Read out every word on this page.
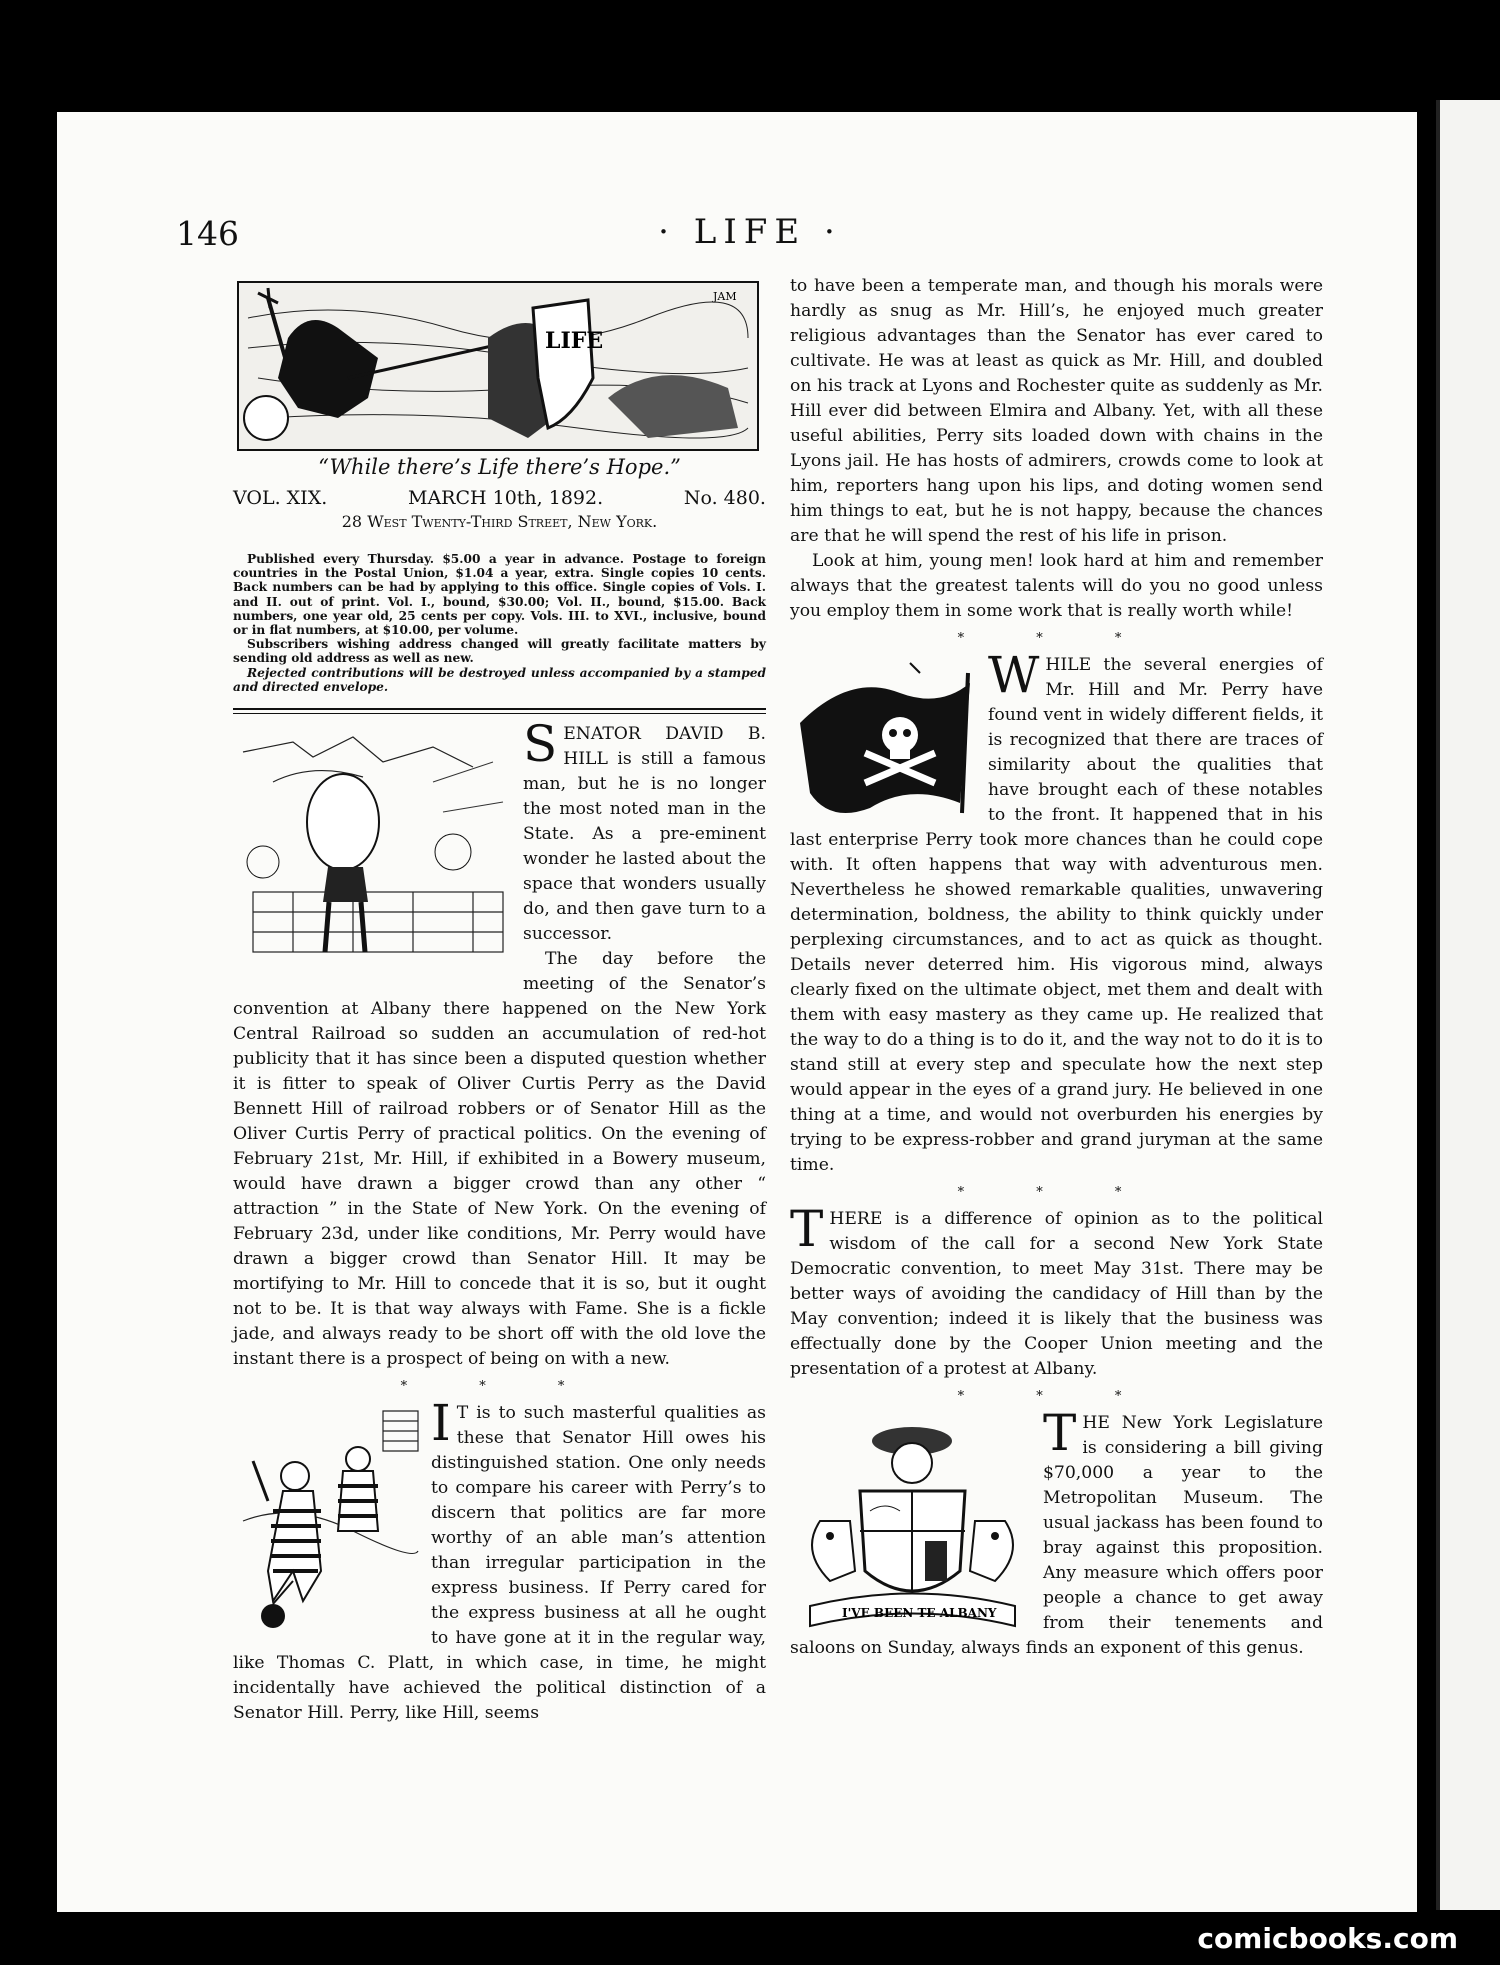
146	· LIFE ·
LIFE
JAM
“While there’s Life there’s Hope.”
VOL. XIX.	MARCH 10th, 1892.	No. 480.
28 West Twenty-Third Street, New York.

Published every Thursday. $5.00 a year in advance. Postage to foreign countries in the Postal Union, $1.04 a year, extra. Single copies 10 cents. Back numbers can be had by applying to this office. Single copies of Vols. I. and II. out of print. Vol. I., bound, $30.00; Vol. II., bound, $15.00. Back numbers, one year old, 25 cents per copy. Vols. III. to XVI., inclusive, bound or in flat numbers, at $10.00, per volume.

Subscribers wishing address changed will greatly facilitate matters by sending old address as well as new.

Rejected contributions will be destroyed unless accompanied by a stamped and directed envelope.

SENATOR DAVID B. HILL is still a famous man, but he is no longer the most noted man in the State. As a pre-eminent wonder he lasted about the space that wonders usually do, and then gave turn to a successor.

The day before the meeting of the Senator’s convention at Albany there happened on the New York Central Railroad so sudden an accumulation of red-hot publicity that it has since been a disputed question whether it is fitter to speak of Oliver Curtis Perry as the David Bennett Hill of railroad robbers or of Senator Hill as the Oliver Curtis Perry of practical politics. On the evening of February 21st, Mr. Hill, if exhibited in a Bowery museum, would have drawn a bigger crowd than any other “ attraction ” in the State of New York. On the evening of February 23d, under like conditions, Mr. Perry would have drawn a bigger crowd than Senator Hill. It may be mortifying to Mr. Hill to concede that it is so, but it ought not to be. It is that way always with Fame. She is a fickle jade, and always ready to be short off with the old love the instant there is a prospect of being on with a new.

* * *

I T is to such masterful qualities as these that Senator Hill owes his distinguished station. One only needs to compare his career with Perry’s to discern that politics are far more worthy of an able man’s attention than irregular participation in the express business. If Perry cared for the express business at all he ought to have gone at it in the regular way, like Thomas C. Platt, in which case, in time, he might incidentally have achieved the political distinction of a Senator Hill. Perry, like Hill, seems

to have been a temperate man, and though his morals were hardly as snug as Mr. Hill’s, he enjoyed much greater religious advantages than the Senator has ever cared to cultivate. He was at least as quick as Mr. Hill, and doubled on his track at Lyons and Rochester quite as suddenly as Mr. Hill ever did between Elmira and Albany. Yet, with all these useful abilities, Perry sits loaded down with chains in the Lyons jail. He has hosts of admirers, crowds come to look at him, reporters hang upon his lips, and doting women send him things to eat, but he is not happy, because the chances are that he will spend the rest of his life in prison.

Look at him, young men! look hard at him and remember always that the greatest talents will do you no good unless you employ them in some work that is really worth while!

* * *

WHILE the several energies of Mr. Hill and Mr. Perry have found vent in widely different fields, it is recognized that there are traces of similarity about the qualities that have brought each of these notables to the front. It happened that in his last enterprise Perry took more chances than he could cope with. It often happens that way with adventurous men. Nevertheless he showed remarkable qualities, unwavering determination, boldness, the ability to think quickly under perplexing circumstances, and to act as quick as thought. Details never deterred him. His vigorous mind, always clearly fixed on the ultimate object, met them and dealt with them with easy mastery as they came up. He realized that the way to do a thing is to do it, and the way not to do it is to stand still at every step and speculate how the next step would appear in the eyes of a grand jury. He believed in one thing at a time, and would not overburden his energies by trying to be express-robber and grand juryman at the same time.

* * *

THERE is a difference of opinion as to the political wisdom of the call for a second New York State Democratic convention, to meet May 31st. There may be better ways of avoiding the candidacy of Hill than by the May convention; indeed it is likely that the business was effectually done by the Cooper Union meeting and the presentation of a protest at Albany.

* * *
I'VE BEEN TE ALBANY

THE New York Legislature is considering a bill giving $70,000 a year to the Metropolitan Museum. The usual jackass has been found to bray against this proposition. Any measure which offers poor people a chance to get away from their tenements and saloons on Sunday, always finds an exponent of this genus.

comicbooks.com
